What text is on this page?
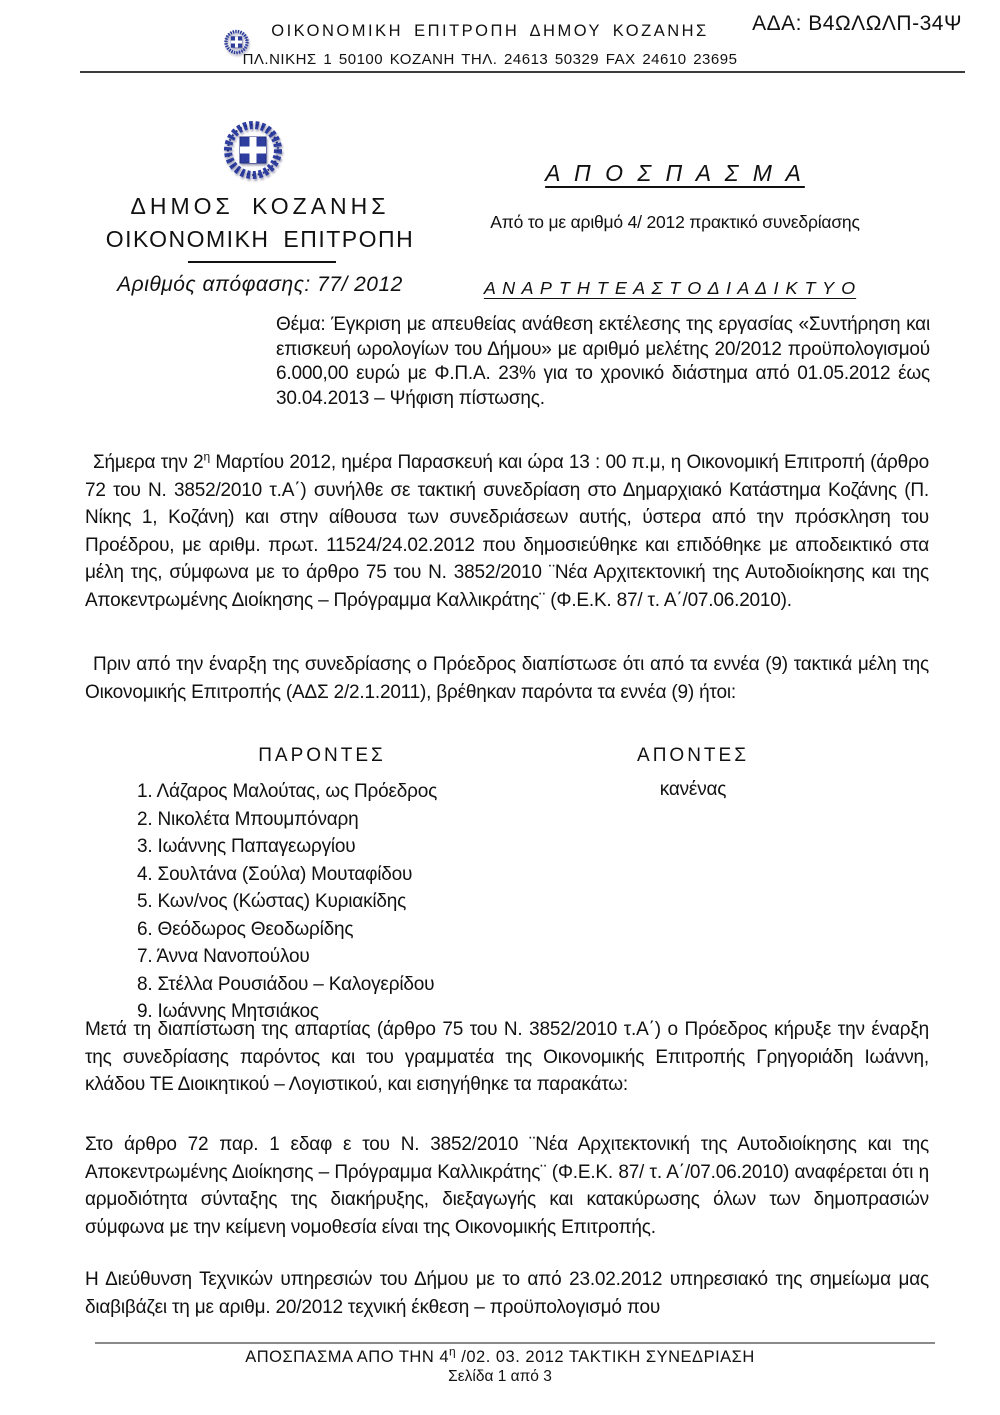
ΑΔΑ: Β4ΩΛΩΛΠ-34Ψ
ΟΙΚΟΝΟΜΙΚΗ ΕΠΙΤΡΟΠΗ ΔΗΜΟΥ ΚΟΖΑΝΗΣ
ΠΛ.ΝΙΚΗΣ 1 50100 ΚΟΖΑΝΗ ΤΗΛ. 24613 50329 FAX 24610 23695
ΔΗΜΟΣ ΚΟΖΑΝΗΣ
ΟΙΚΟΝΟΜΙΚΗ ΕΠΙΤΡΟΠΗ
Αριθμός απόφασης: 77/ 2012
Α Π Ο Σ Π Α Σ Μ Α
Από το με αριθμό 4/ 2012 πρακτικό συνεδρίασης
Α Ν Α Ρ Τ Η Τ Ε Α Σ Τ Ο Δ Ι Α Δ Ι Κ Τ Υ Ο
Θέμα: Έγκριση με απευθείας ανάθεση εκτέλεσης της εργασίας «Συντήρηση και επισκευή ωρολογίων του Δήμου» με αριθμό μελέτης 20/2012 προϋπολογισμού 6.000,00 ευρώ με Φ.Π.Α. 23% για το χρονικό διάστημα από 01.05.2012 έως 30.04.2013 – Ψήφιση πίστωσης.
Σήμερα την $2^\eta$ Μαρτίου 2012, ημέρα Παρασκευή και ώρα 13 : 00 π.μ, η Οικονομική Επιτροπή (άρθρο 72 του Ν. 3852/2010 τ.Α΄) συνήλθε σε τακτική συνεδρίαση στο Δημαρχιακό Κατάστημα Κοζάνης (Π. Νίκης 1, Κοζάνη) και στην αίθουσα των συνεδριάσεων αυτής, ύστερα από την πρόσκληση του Προέδρου, με αριθμ. πρωτ. 11524/24.02.2012 που δημοσιεύθηκε και επιδόθηκε με αποδεικτικό στα μέλη της, σύμφωνα με το άρθρο 75 του Ν. 3852/2010 ¨Νέα Αρχιτεκτονική της Αυτοδιοίκησης και της Αποκεντρωμένης Διοίκησης – Πρόγραμμα Καλλικράτης¨ (Φ.Ε.Κ. 87/ τ. Α΄/07.06.2010).
Πριν από την έναρξη της συνεδρίασης ο Πρόεδρος διαπίστωσε ότι από τα εννέα (9) τακτικά μέλη της Οικονομικής Επιτροπής (ΑΔΣ 2/2.1.2011), βρέθηκαν παρόντα τα εννέα (9) ήτοι:
ΠΑΡΟΝΤΕΣ	ΑΠΟΝΤΕΣ
1. Λάζαρος Μαλούτας, ως Πρόεδρος
2. Νικολέτα Μπουμπόναρη
3. Ιωάννης Παπαγεωργίου
4. Σουλτάνα (Σούλα) Μουταφίδου
5. Κων/νος (Κώστας) Κυριακίδης
6. Θεόδωρος Θεοδωρίδης
7. Άννα Νανοπούλου
8. Στέλλα Ρουσιάδου – Καλογερίδου
9. Ιωάννης Μητσιάκος
κανένας
Μετά τη διαπίστωση της απαρτίας (άρθρο 75 του Ν. 3852/2010 τ.Α΄) ο Πρόεδρος κήρυξε την έναρξη της συνεδρίασης παρόντος και του γραμματέα της Οικονομικής Επιτροπής Γρηγοριάδη Ιωάννη, κλάδου ΤΕ Διοικητικού – Λογιστικού, και εισηγήθηκε τα παρακάτω:
Στο άρθρο 72 παρ. 1 εδαφ ε του Ν. 3852/2010 ¨Νέα Αρχιτεκτονική της Αυτοδιοίκησης και της Αποκεντρωμένης Διοίκησης – Πρόγραμμα Καλλικράτης¨ (Φ.Ε.Κ. 87/ τ. Α΄/07.06.2010) αναφέρεται ότι η αρμοδιότητα σύνταξης της διακήρυξης, διεξαγωγής και κατακύρωσης όλων των δημοπρασιών σύμφωνα με την κείμενη νομοθεσία είναι της Οικονομικής Επιτροπής.
Η Διεύθυνση Τεχνικών υπηρεσιών του Δήμου με το από 23.02.2012 υπηρεσιακό της σημείωμα μας διαβιβάζει τη με αριθμ. 20/2012 τεχνική έκθεση – προϋπολογισμό που
ΑΠΟΣΠΑΣΜΑ ΑΠΟ ΤΗΝ $4^\eta$ /02. 03. 2012 ΤΑΚΤΙΚΗ ΣΥΝΕΔΡΙΑΣΗ
Σελίδα 1 από 3
